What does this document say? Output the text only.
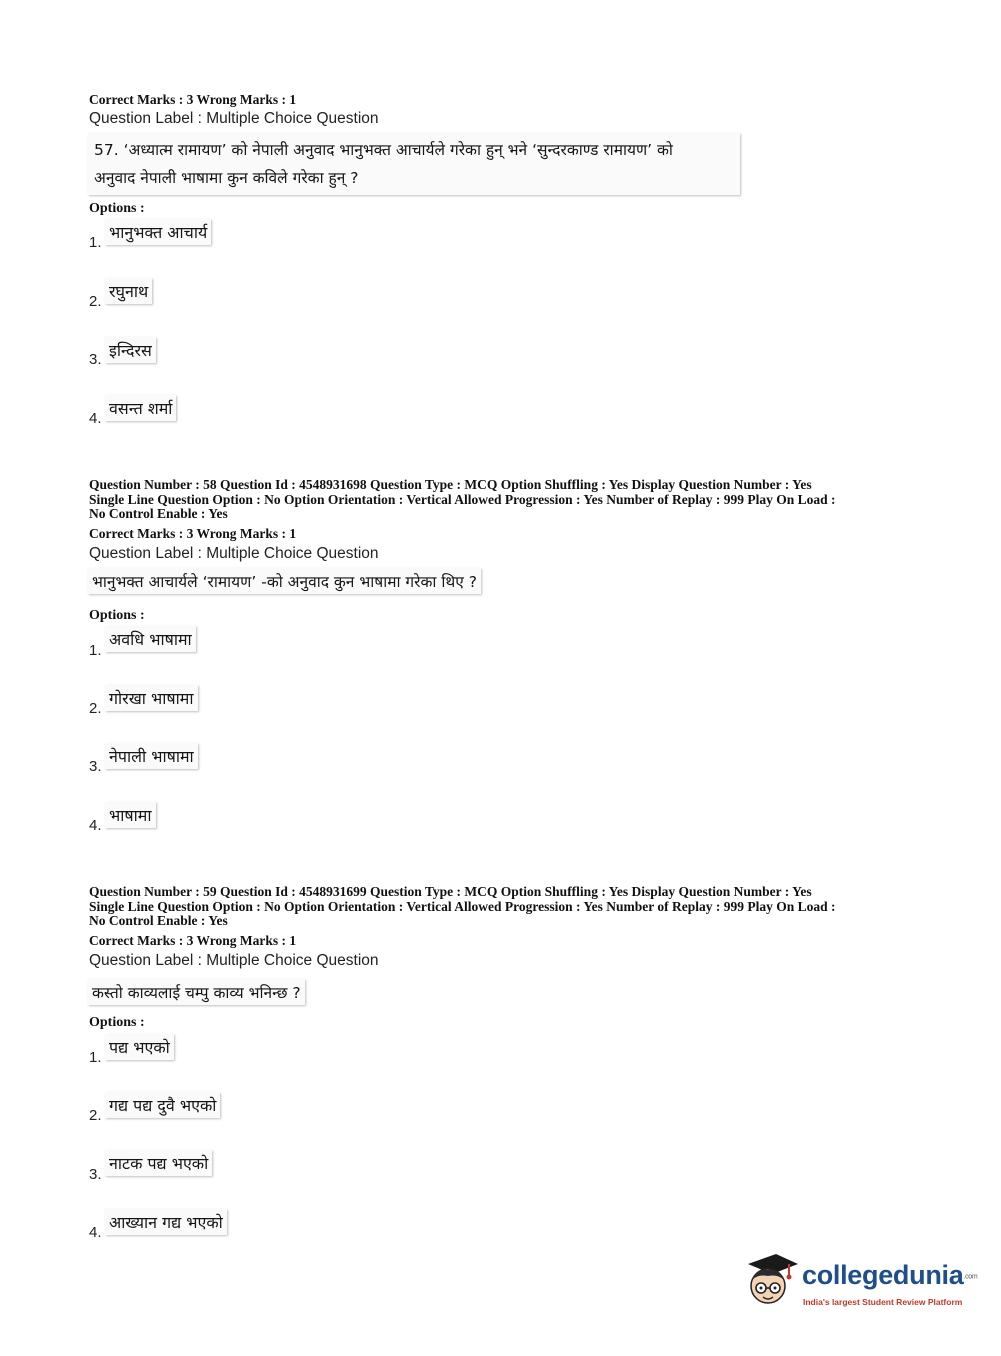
Correct Marks : 3 Wrong Marks : 1
Question Label : Multiple Choice Question
57. ‘अध्यात्म रामायण’ को नेपाली अनुवाद भानुभक्त आचार्यले गरेका हुन् भने ‘सुन्दरकाण्ड रामायण’ को
अनुवाद नेपाली भाषामा कुन कविले गरेका हुन् ?
Options :
1.
भानुभक्त आचार्य
2.
रघुनाथ
3. इन्दिरस
4.
वसन्त शर्मा
Question Number : 58 Question Id : 4548931698 Question Type : MCQ Option Shuffling : Yes Display Question Number : Yes
Single Line Question Option : No Option Orientation : Vertical Allowed Progression : Yes Number of Replay : 999 Play On Load :
No Control Enable : Yes
Correct Marks : 3 Wrong Marks : 1
Question Label : Multiple Choice Question
भानुभक्त आचार्यले ‘रामायण’ -को अनुवाद कुन भाषामा गरेका थिए ?
Options :
1.
अवधि भाषामा
2.
गोरखा भाषामा
3.
नेपाली भाषामा
4.
भाषामा
Question Number : 59 Question Id : 4548931699 Question Type : MCQ Option Shuffling : Yes Display Question Number : Yes
Single Line Question Option : No Option Orientation : Vertical Allowed Progression : Yes Number of Replay : 999 Play On Load :
No Control Enable : Yes
Correct Marks : 3 Wrong Marks : 1
Question Label : Multiple Choice Question
कस्तो काव्यलाई चम्पु काव्य भनिन्छ ?
Options :
1.
पद्य भएको
2.
गद्य पद्य दुवै भएको
3.
नाटक पद्य भएको
4.
आख्यान गद्य भएको
collegedunia.com
India's largest Student Review Platform
